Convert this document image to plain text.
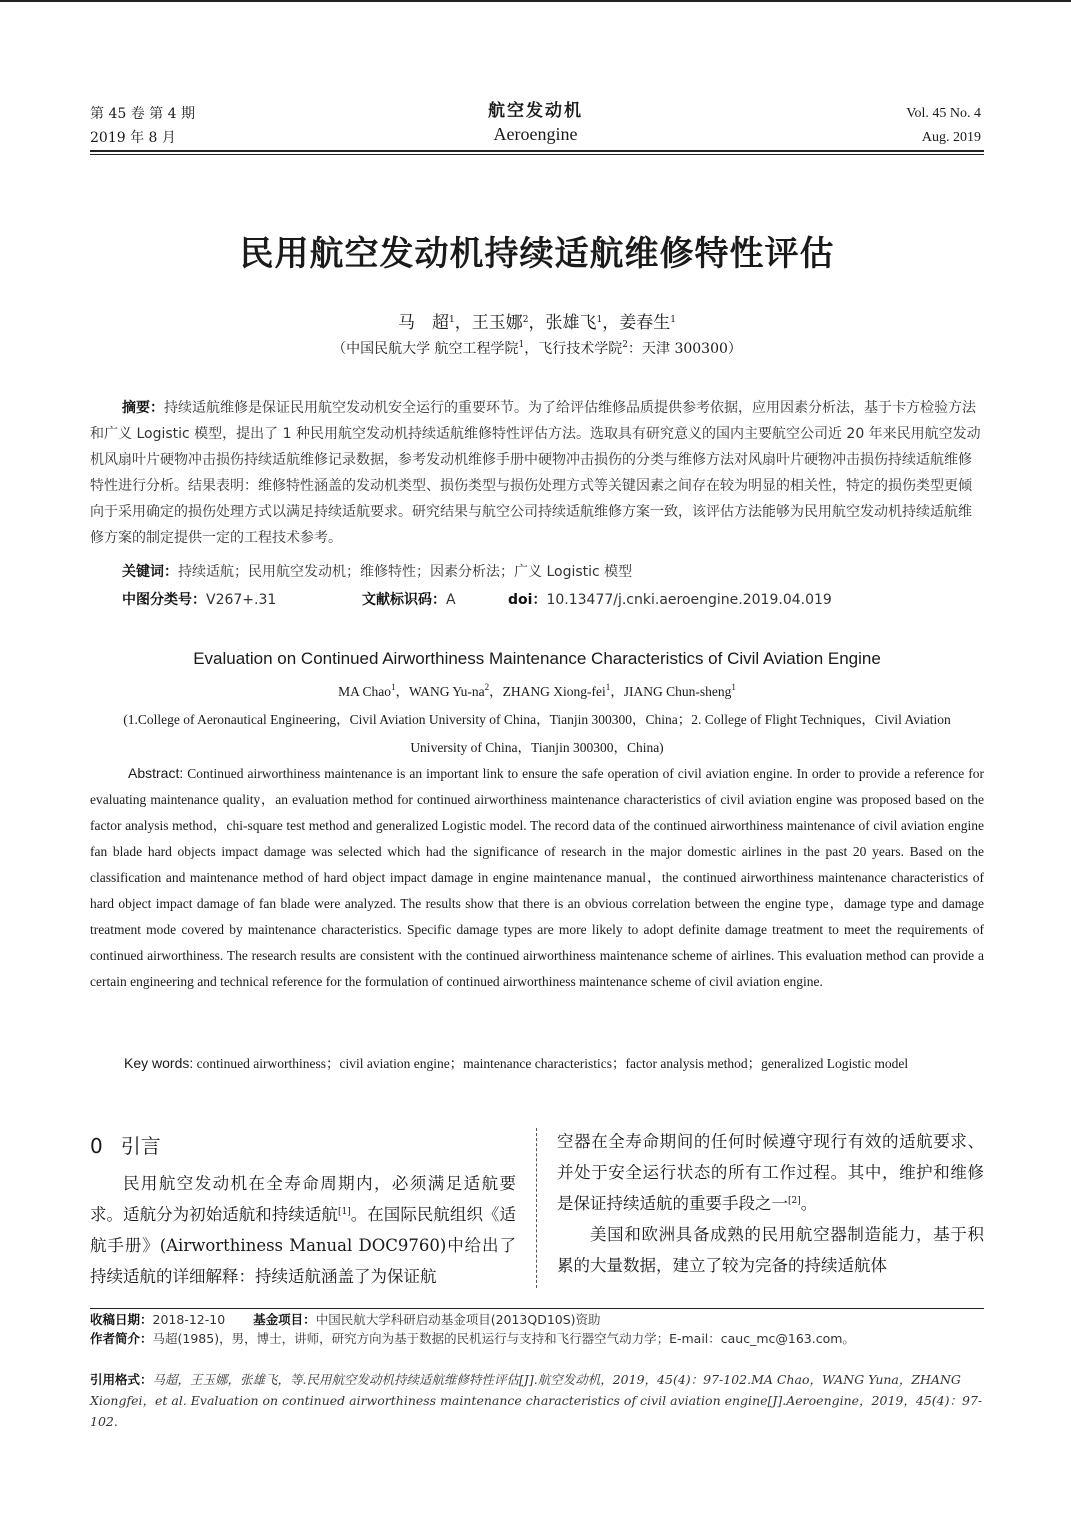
第 45 卷 第 4 期
2019 年 8 月
航空发动机
Aeroengine
Vol. 45 No. 4
Aug. 2019
民用航空发动机持续适航维修特性评估
马　超$^1$，王玉娜$^2$，张雄飞$^1$，姜春生$^1$
（中国民航大学 航空工程学院$^1$，飞行技术学院$^2$：天津 300300）
摘要：持续适航维修是保证民用航空发动机安全运行的重要环节。为了给评估维修品质提供参考依据，应用因素分析法，基于卡方检验方法和广义 Logistic 模型，提出了 1 种民用航空发动机持续适航维修特性评估方法。选取具有研究意义的国内主要航空公司近 20 年来民用航空发动机风扇叶片硬物冲击损伤持续适航维修记录数据，参考发动机维修手册中硬物冲击损伤的分类与维修方法对风扇叶片硬物冲击损伤持续适航维修特性进行分析。结果表明：维修特性涵盖的发动机类型、损伤类型与损伤处理方式等关键因素之间存在较为明显的相关性，特定的损伤类型更倾向于采用确定的损伤处理方式以满足持续适航要求。研究结果与航空公司持续适航维修方案一致，该评估方法能够为民用航空发动机持续适航维修方案的制定提供一定的工程技术参考。
关键词：持续适航；民用航空发动机；维修特性；因素分析法；广义 Logistic 模型
中图分类号：V267+.31	文献标识码：A	doi：10.13477/j.cnki.aeroengine.2019.04.019
Evaluation on Continued Airworthiness Maintenance Characteristics of Civil Aviation Engine
MA Chao$^1$，WANG $Yu-na^2$，ZHANG Xiong-fei$^1$，JIANG Chun-sheng$^1$
(1.College of Aeronautical Engineering，Civil Aviation University of China，Tianjin 300300，China；2. College of Flight Techniques，Civil Aviation University of China，Tianjin 300300，China)
Abstract: Continued airworthiness maintenance is an important link to ensure the safe operation of civil aviation engine. In order to provide a reference for evaluating maintenance quality，an evaluation method for continued airworthiness maintenance characteristics of civil aviation engine was proposed based on the factor analysis method，chi-square test method and generalized Logistic model. The record data of the continued airworthiness maintenance of civil aviation engine fan blade hard objects impact damage was selected which had the significance of research in the major domestic airlines in the past 20 years. Based on the classification and maintenance method of hard object impact damage in engine maintenance manual，the continued airworthiness maintenance characteristics of hard object impact damage of fan blade were analyzed. The results show that there is an obvious correlation between the engine type，damage type and damage treatment mode covered by maintenance characteristics. Specific damage types are more likely to adopt definite damage treatment to meet the requirements of continued airworthiness. The research results are consistent with the continued airworthiness maintenance scheme of airlines. This evaluation method can provide a certain engineering and technical reference for the formulation of continued airworthiness maintenance scheme of civil aviation engine.
Key words: continued airworthiness；civil aviation engine；maintenance characteristics；factor analysis method；generalized Logistic model
0 引言
民用航空发动机在全寿命周期内，必须满足适航要求。适航分为初始适航和持续适航[1]。在国际民航组织《适航手册》(Airworthiness Manual DOC9760)中给出了持续适航的详细解释：持续适航涵盖了为保证航
空器在全寿命期间的任何时候遵守现行有效的适航要求、并处于安全运行状态的所有工作过程。其中，维护和维修是保证持续适航的重要手段之一[2]。
美国和欧洲具备成熟的民用航空器制造能力，基于积累的大量数据，建立了较为完备的持续适航体
收稿日期：2018-12-10 基金项目：中国民航大学科研启动基金项目(2013QD10S)资助
作者简介：马超(1985)，男，博士，讲师，研究方向为基于数据的民机运行与支持和飞行器空气动力学；E-mail：cauc_mc@163.com。
引用格式：马超，王玉娜，张雄飞，等.民用航空发动机持续适航维修特性评估[J].航空发动机，2019，45(4)：97-102.MA Chao，WANG Yuna，ZHANG Xiongfei，et al. Evaluation on continued airworthiness maintenance characteristics of civil aviation engine[J].Aeroengine，2019，45(4)：97-102.
